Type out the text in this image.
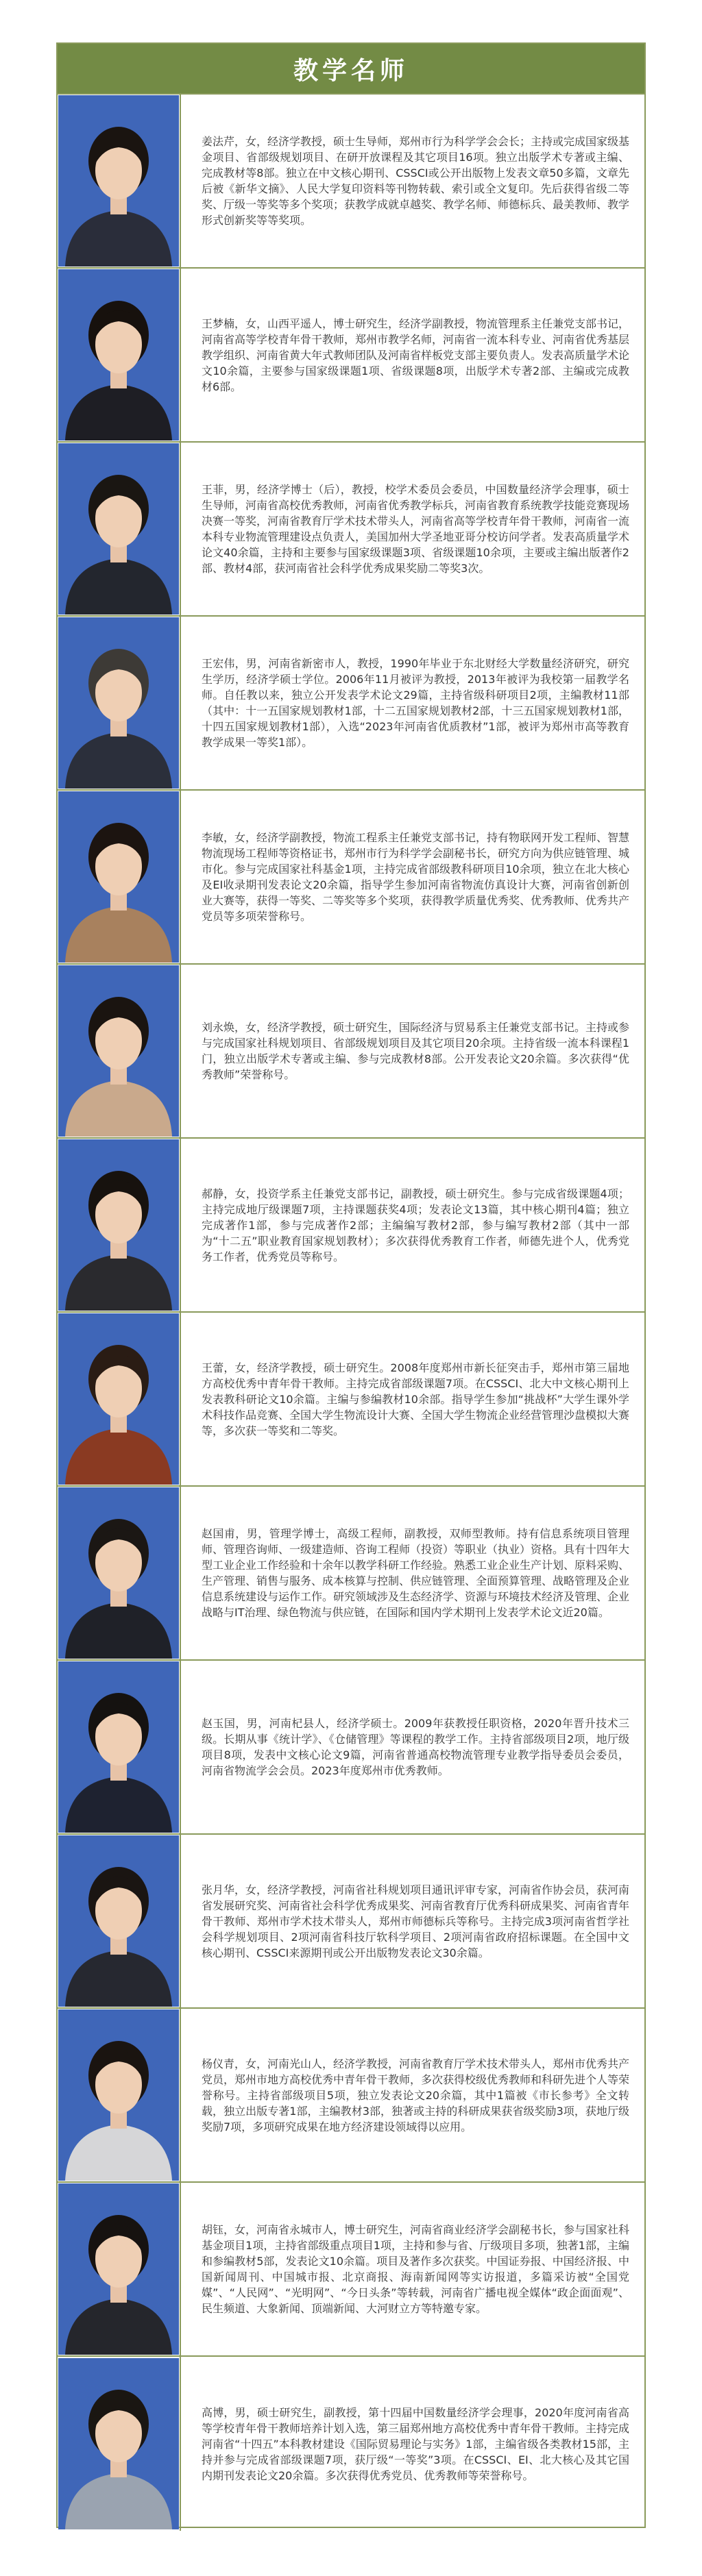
教学名师

姜法芹，女，经济学教授，硕士生导师，郑州市行为科学学会会长；主持或完成国家级基金项目、省部级规划项目、在研开放课程及其它项目16项。独立出版学术专著或主编、完成教材等8部。独立在中文核心期刊、CSSCI或公开出版物上发表文章50多篇，文章先后被《新华文摘》、人民大学复印资料等刊物转载、索引或全文复印。先后获得省级二等奖、厅级一等奖等多个奖项；获教学成就卓越奖、教学名师、师德标兵、最美教师、教学形式创新奖等等奖项。

王梦楠，女，山西平遥人，博士研究生，经济学副教授，物流管理系主任兼党支部书记，河南省高等学校青年骨干教师，郑州市教学名师，河南省一流本科专业、河南省优秀基层教学组织、河南省黄大年式教师团队及河南省样板党支部主要负责人。发表高质量学术论文10余篇，主要参与国家级课题1项、省级课题8项，出版学术专著2部、主编或完成教材6部。

王菲，男，经济学博士（后），教授，校学术委员会委员，中国数量经济学会理事，硕士生导师，河南省高校优秀教师，河南省优秀教学标兵，河南省教育系统教学技能竞赛现场决赛一等奖，河南省教育厅学术技术带头人，河南省高等学校青年骨干教师，河南省一流本科专业物流管理建设点负责人，美国加州大学圣地亚哥分校访问学者。发表高质量学术论文40余篇，主持和主要参与国家级课题3项、省级课题10余项，主要或主编出版著作2部、教材4部，获河南省社会科学优秀成果奖励二等奖3次。

王宏伟，男，河南省新密市人，教授，1990年毕业于东北财经大学数量经济研究，研究生学历，经济学硕士学位。2006年11月被评为教授，2013年被评为我校第一届教学名师。自任教以来，独立公开发表学术论文29篇，主持省级科研项目2项，主编教材11部（其中：十一五国家规划教材1部，十二五国家规划教材2部，十三五国家规划教材1部，十四五国家规划教材1部），入选“2023年河南省优质教材”1部，被评为郑州市高等教育教学成果一等奖1部）。

李敏，女，经济学副教授，物流工程系主任兼党支部书记，持有物联网开发工程师、智慧物流现场工程师等资格证书，郑州市行为科学学会副秘书长，研究方向为供应链管理、城市化。参与完成国家社科基金1项，主持完成省部级教科研项目10余项，独立在北大核心及EI收录期刊发表论文20余篇，指导学生参加河南省物流仿真设计大赛，河南省创新创业大赛等，获得一等奖、二等奖等多个奖项，获得教学质量优秀奖、优秀教师、优秀共产党员等多项荣誉称号。

刘永焕，女，经济学教授，硕士研究生，国际经济与贸易系主任兼党支部书记。主持或参与完成国家社科规划项目、省部级规划项目及其它项目20余项。主持省级一流本科课程1门，独立出版学术专著或主编、参与完成教材8部。公开发表论文20余篇。多次获得“优秀教师”荣誉称号。

郝静，女，投资学系主任兼党支部书记，副教授，硕士研究生。参与完成省级课题4项；主持完成地厅级课题7项，主持课题获奖4项；发表论文13篇，其中核心期刊4篇；独立完成著作1部，参与完成著作2部；主编编写教材2部，参与编写教材2部（其中一部为“十二五”职业教育国家规划教材）；多次获得优秀教育工作者，师德先进个人，优秀党务工作者，优秀党员等称号。

王蕾，女，经济学教授，硕士研究生。2008年度郑州市新长征突击手，郑州市第三届地方高校优秀中青年骨干教师。主持完成省部级课题7项。在CSSCI、北大中文核心期刊上发表教科研论文10余篇。主编与参编教材10余部。指导学生参加“挑战杯”大学生课外学术科技作品竞赛、全国大学生物流设计大赛、全国大学生物流企业经营管理沙盘模拟大赛等，多次获一等奖和二等奖。

赵国甫，男，管理学博士，高级工程师，副教授，双师型教师。持有信息系统项目管理师、管理咨询师、一级建造师、咨询工程师（投资）等职业（执业）资格。具有十四年大型工业企业工作经验和十余年以教学科研工作经验。熟悉工业企业生产计划、原料采购、生产管理、销售与服务、成本核算与控制、供应链管理、全面预算管理、战略管理及企业信息系统建设与运作工作。研究领域涉及生态经济学、资源与环境技术经济及管理、企业战略与IT治理、绿色物流与供应链，在国际和国内学术期刊上发表学术论文近20篇。

赵玉国，男，河南杞县人，经济学硕士。2009年获教授任职资格，2020年晋升技术三级。长期从事《统计学》、《仓储管理》等课程的教学工作。主持省部级项目2项，地厅级项目8项，发表中文核心论文9篇，河南省普通高校物流管理专业教学指导委员会委员，河南省物流学会会员。2023年度郑州市优秀教师。

张月华，女，经济学教授，河南省社科规划项目通讯评审专家，河南省作协会员，获河南省发展研究奖、河南省社会科学优秀成果奖、河南省教育厅优秀科研成果奖、河南省青年骨干教师、郑州市学术技术带头人，郑州市师德标兵等称号。主持完成3项河南省哲学社会科学规划项目、2项河南省科技厅软科学项目、2项河南省政府招标课题。在全国中文核心期刊、CSSCI来源期刊或公开出版物发表论文30余篇。

杨仪青，女，河南光山人，经济学教授，河南省教育厅学术技术带头人，郑州市优秀共产党员，郑州市地方高校优秀中青年骨干教师，多次获得校级优秀教师和科研先进个人等荣誉称号。主持省部级项目5项，独立发表论文20余篇，其中1篇被《市长参考》全文转载，独立出版专著1部，主编教材3部，独著或主持的科研成果获省级奖励3项，获地厅级奖励7项，多项研究成果在地方经济建设领域得以应用。

胡钰，女，河南省永城市人，博士研究生，河南省商业经济学会副秘书长，参与国家社科基金项目1项，主持省部级重点项目1项，主持和参与省、厅级项目多项，独著1部，主编和参编教材5部，发表论文10余篇。项目及著作多次获奖。中国证券报、中国经济报、中国新闻周刊、中国城市报、北京商报、海南新闻网等实访报道，多篇采访被“全国党媒”、“人民网”、“光明网”、“今日头条”等转载，河南省广播电视全媒体“政企面面观”、民生频道、大象新闻、顶端新闻、大河财立方等特邀专家。

高博，男，硕士研究生，副教授，第十四届中国数量经济学会理事，2020年度河南省高等学校青年骨干教师培养计划入选，第三届郑州地方高校优秀中青年骨干教师。主持完成河南省“十四五”本科教材建设《国际贸易理论与实务》1部，主编省级各类教材15部，主持并参与完成省部级课题7项，获厅级“一等奖”3项。在CSSCI、EI、北大核心及其它国内期刊发表论文20余篇。多次获得优秀党员、优秀教师等荣誉称号。
